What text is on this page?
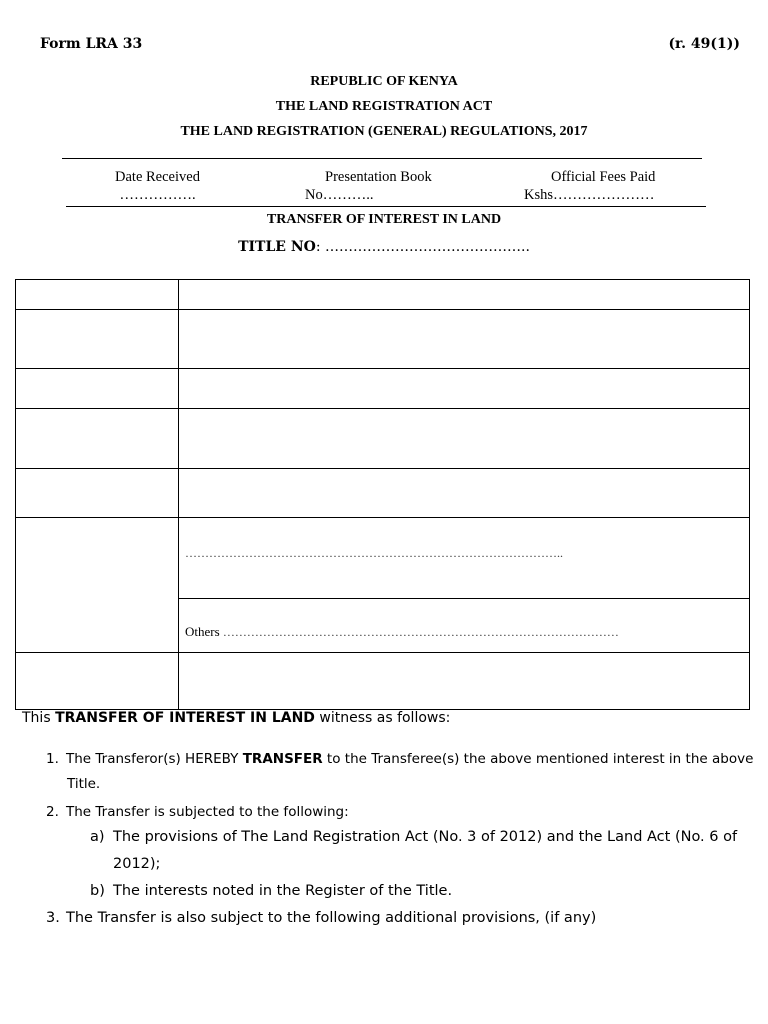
Form LRA 33	(r. 49(1))
REPUBLIC OF KENYA
THE LAND REGISTRATION ACT
THE LAND REGISTRATION (GENERAL) REGULATIONS, 2017
Date Received
…………….
Presentation Book
No………..
Official Fees Paid
Kshs…………………
TRANSFER OF INTEREST IN LAND
TITLE NO: ……………………………………..

	…………………………………………………………………………………..

	Others ………………………………………………………………………………………

This TRANSFER OF INTEREST IN LAND witness as follows:
1. The Transferor(s) HEREBY TRANSFER to the Transferee(s) the above mentioned interest in the above
Title.
2. The Transfer is subjected to the following:
a) The provisions of The Land Registration Act (No. 3 of 2012) and the Land Act (No. 6 of
2012);
b) The interests noted in the Register of the Title.
3. The Transfer is also subject to the following additional provisions, (if any)
